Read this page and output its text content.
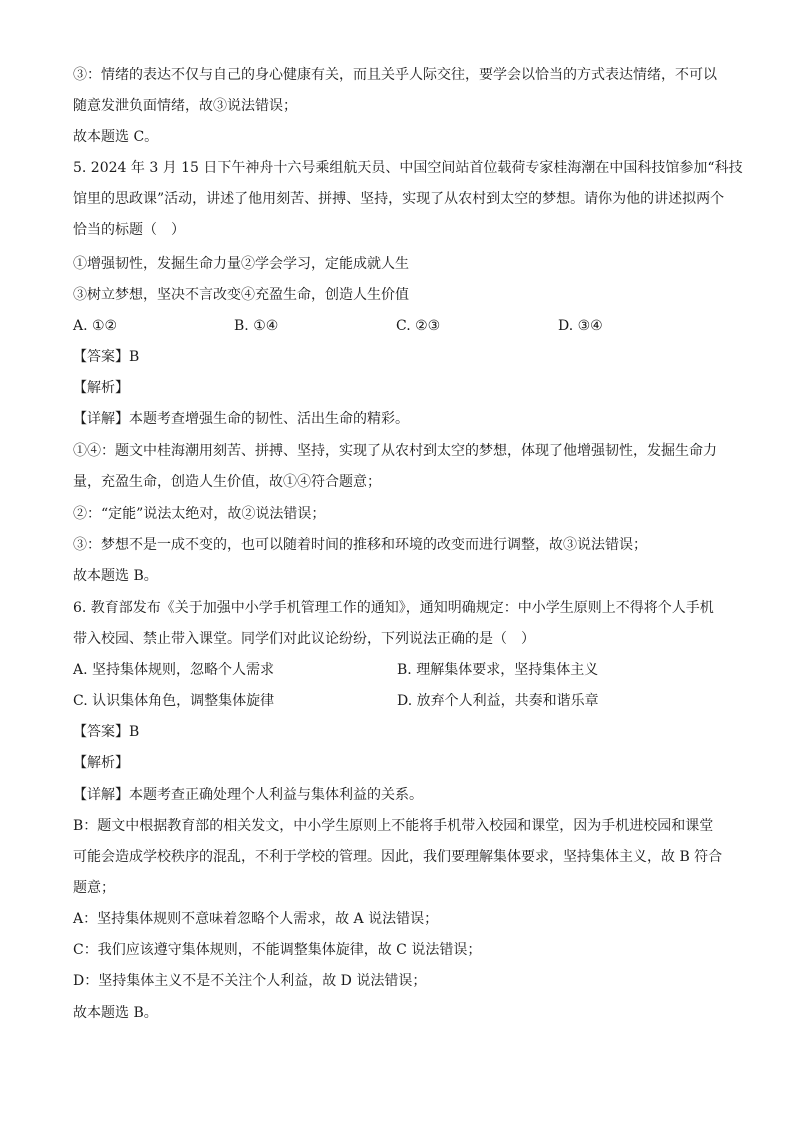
③：情绪的表达不仅与自己的身心健康有关，而且关乎人际交往，要学会以恰当的方式表达情绪，不可以
随意发泄负面情绪，故③说法错误；
故本题选 C。
5. 2024 年 3 月 15 日下午神舟十六号乘组航天员、中国空间站首位载荷专家桂海潮在中国科技馆参加“科技
馆里的思政课”活动，讲述了他用刻苦、拼搏、坚持，实现了从农村到太空的梦想。请你为他的讲述拟两个
恰当的标题（　）
①增强韧性，发掘生命力量②学会学习，定能成就人生
③树立梦想，坚决不言改变④充盈生命，创造人生价值
A. ①②	B. ①④	C. ②③	D. ③④
【答案】B
【解析】
【详解】本题考查增强生命的韧性、活出生命的精彩。
①④：题文中桂海潮用刻苦、拼搏、坚持，实现了从农村到太空的梦想，体现了他增强韧性，发掘生命力
量，充盈生命，创造人生价值，故①④符合题意；
②：“定能”说法太绝对，故②说法错误；
③：梦想不是一成不变的，也可以随着时间的推移和环境的改变而进行调整，故③说法错误；
故本题选 B。
6. 教育部发布《关于加强中小学手机管理工作的通知》，通知明确规定：中小学生原则上不得将个人手机
带入校园、禁止带入课堂。同学们对此议论纷纷，下列说法正确的是（　）
A. 坚持集体规则，忽略个人需求	B. 理解集体要求，坚持集体主义
C. 认识集体角色，调整集体旋律	D. 放弃个人利益，共奏和谐乐章
【答案】B
【解析】
【详解】本题考查正确处理个人利益与集体利益的关系。
B：题文中根据教育部的相关发文，中小学生原则上不能将手机带入校园和课堂，因为手机进校园和课堂
可能会造成学校秩序的混乱，不利于学校的管理。因此，我们要理解集体要求，坚持集体主义，故 B 符合
题意；
A：坚持集体规则不意味着忽略个人需求，故 A 说法错误；
C：我们应该遵守集体规则，不能调整集体旋律，故 C 说法错误；
D：坚持集体主义不是不关注个人利益，故 D 说法错误；
故本题选 B。
